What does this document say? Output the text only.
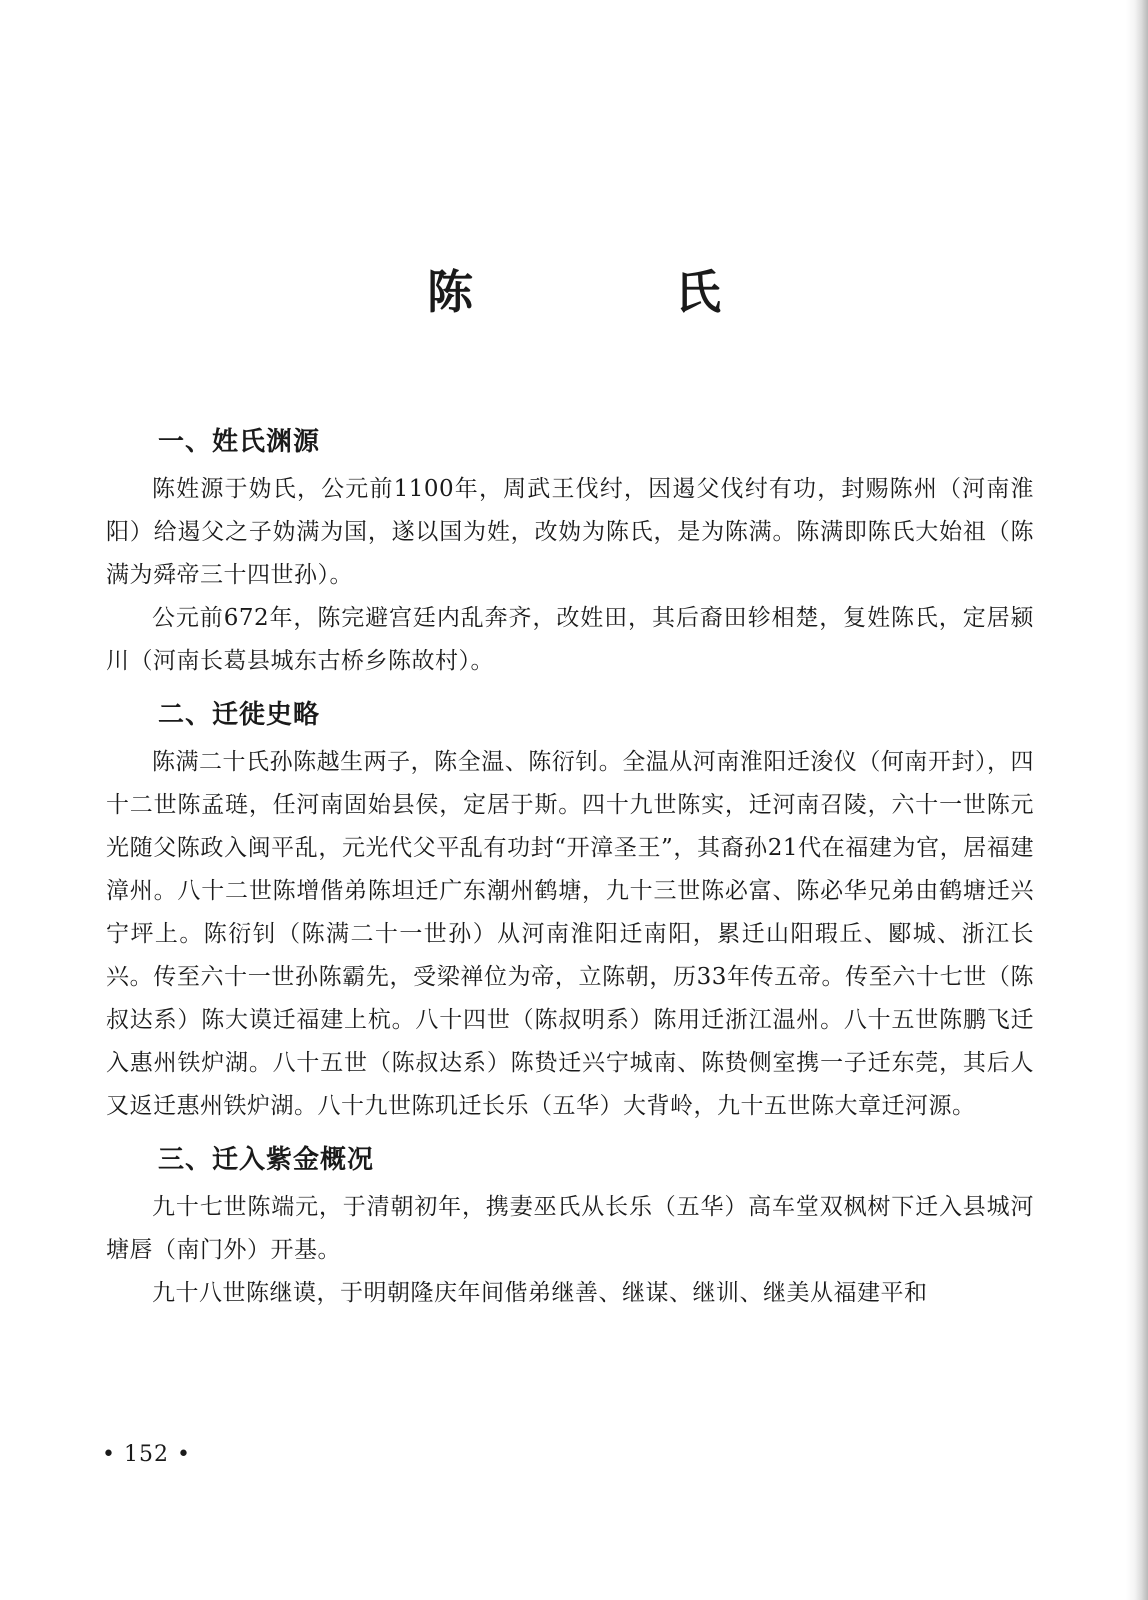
陈　氏
一、姓氏渊源

陈姓源于妫氏，公元前1100年，周武王伐纣，因遏父伐纣有功，封赐陈州（河南淮阳）给遏父之子妫满为国，遂以国为姓，改妫为陈氏，是为陈满。陈满即陈氏大始祖（陈满为舜帝三十四世孙）。

公元前672年，陈完避宫廷内乱奔齐，改姓田，其后裔田轸相楚，复姓陈氏，定居颍川（河南长葛县城东古桥乡陈故村）。

二、迁徙史略

陈满二十氏孙陈越生两子，陈全温、陈衍钊。全温从河南淮阳迁浚仪（何南开封），四十二世陈孟琏，任河南固始县侯，定居于斯。四十九世陈实，迁河南召陵，六十一世陈元光随父陈政入闽平乱，元光代父平乱有功封“开漳圣王”，其裔孙21代在福建为官，居福建漳州。八十二世陈增偕弟陈坦迁广东潮州鹤塘，九十三世陈必富、陈必华兄弟由鹤塘迁兴宁坪上。陈衍钊（陈满二十一世孙）从河南淮阳迁南阳，累迁山阳瑕丘、郾城、浙江长兴。传至六十一世孙陈霸先，受梁禅位为帝，立陈朝，历33年传五帝。传至六十七世（陈叔达系）陈大谟迁福建上杭。八十四世（陈叔明系）陈用迁浙江温州。八十五世陈鹏飞迁入惠州铁炉湖。八十五世（陈叔达系）陈贽迁兴宁城南、陈贽侧室携一子迁东莞，其后人又返迁惠州铁炉湖。八十九世陈玑迁长乐（五华）大背岭，九十五世陈大章迁河源。

三、迁入紫金概况

九十七世陈端元，于清朝初年，携妻巫氏从长乐（五华）高车堂双枫树下迁入县城河塘唇（南门外）开基。

九十八世陈继谟，于明朝隆庆年间偕弟继善、继谋、继训、继美从福建平和

• 152 •
